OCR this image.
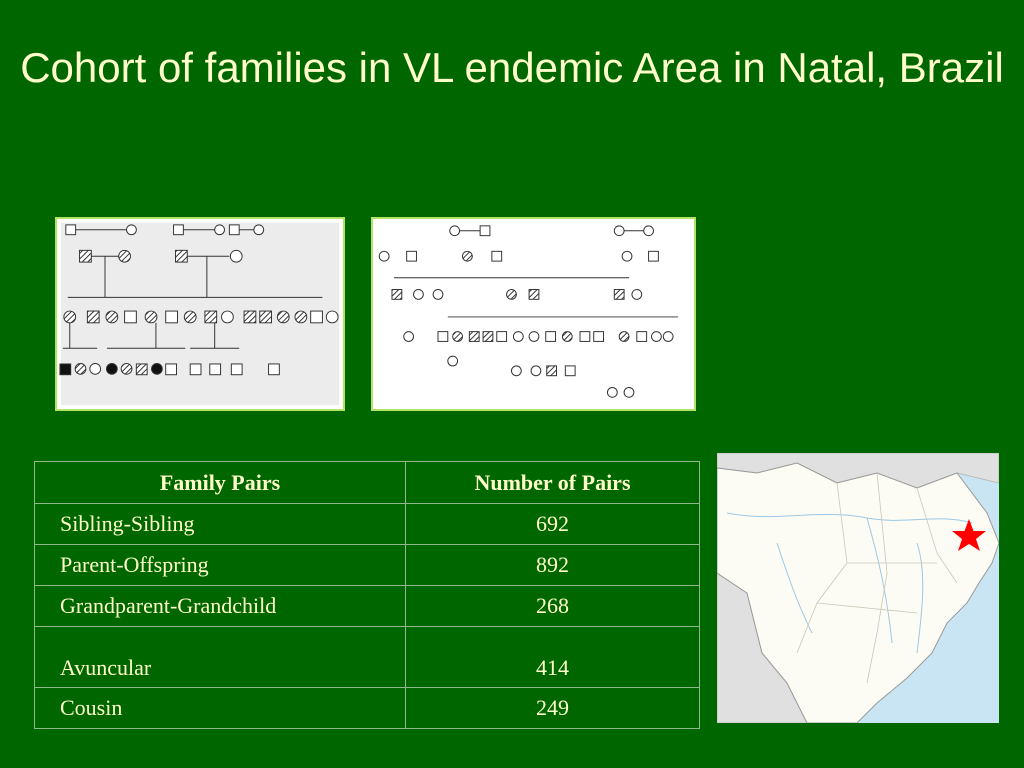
Cohort of families in VL endemic Area in Natal, Brazil
Family Pairs	Number of Pairs
Sibling-Sibling	692
Parent-Offspring	892
Grandparent-Grandchild	268
Avuncular	414
Cousin	249
